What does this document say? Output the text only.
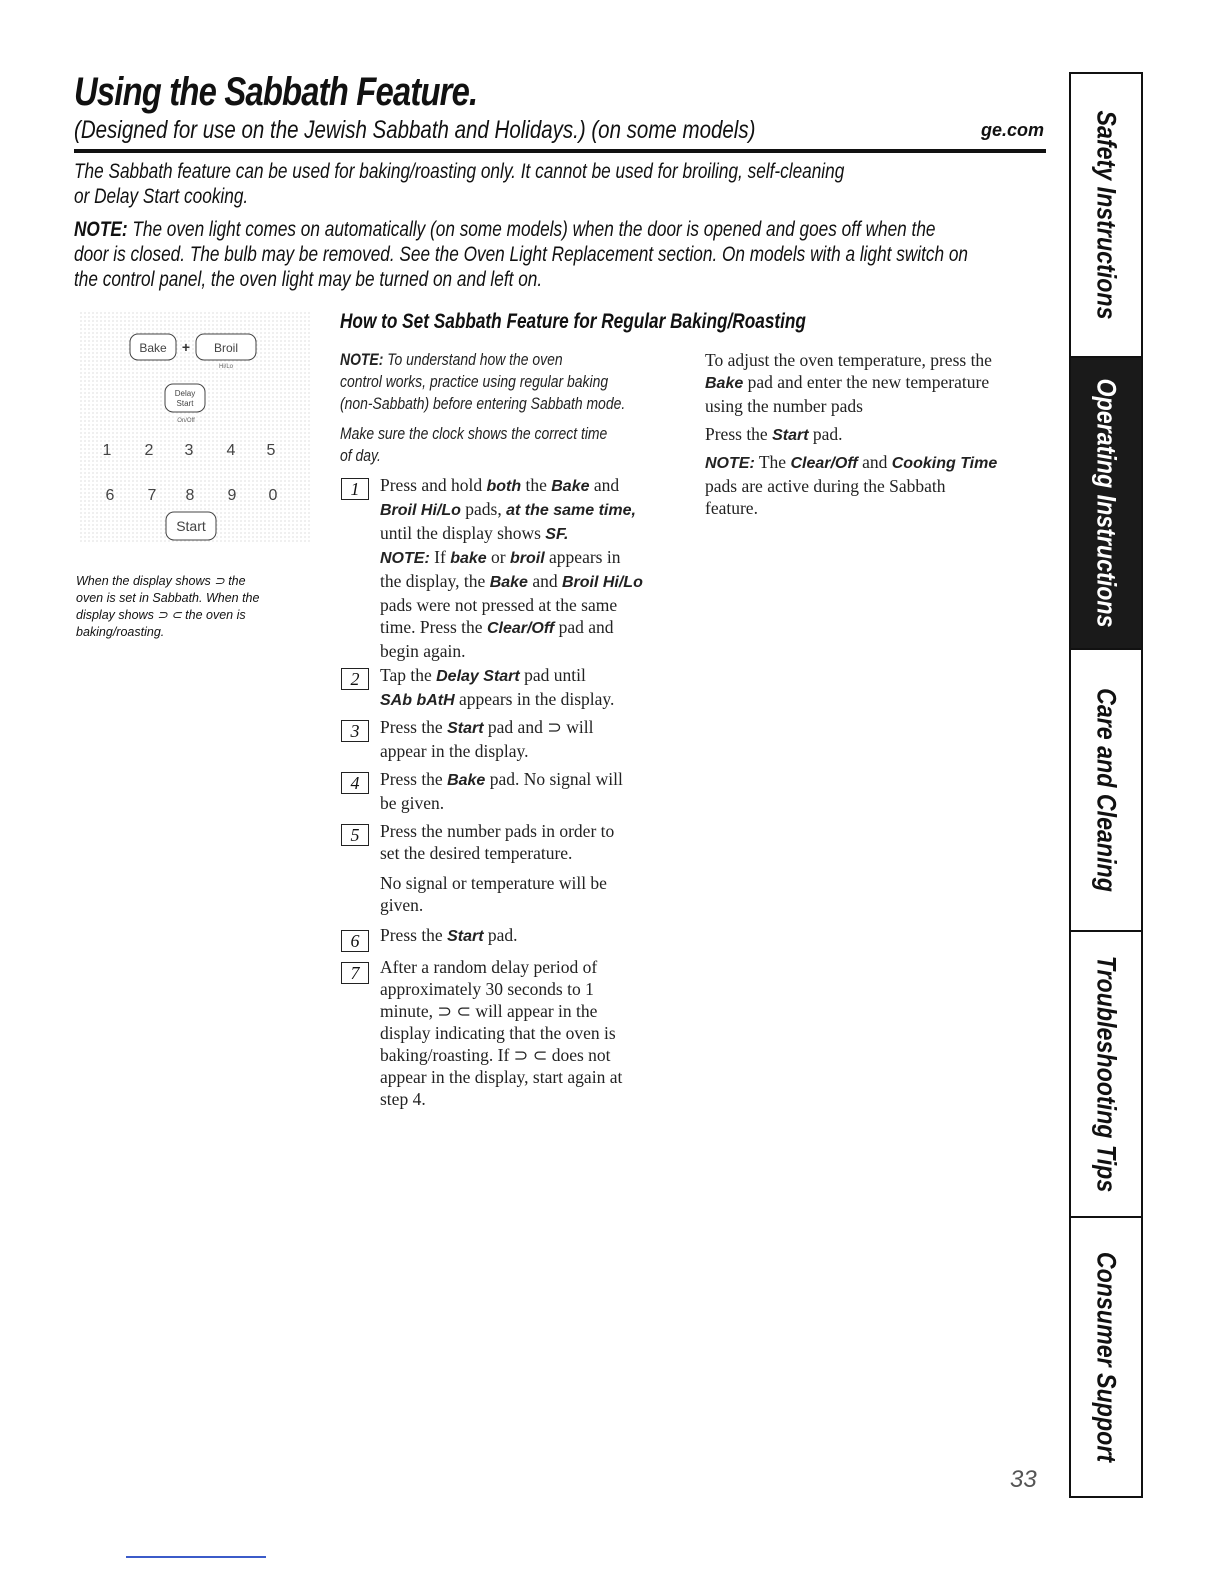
Using the Sabbath Feature.
(Designed for use on the Jewish Sabbath and Holidays.) (on some models)	ge.com
The Sabbath feature can be used for baking/roasting only. It cannot be used for broiling, self-cleaning
or Delay Start cooking.
NOTE: The oven light comes on automatically (on some models) when the door is opened and goes off when the
door is closed. The bulb may be removed. See the Oven Light Replacement section. On models with a light switch on
the control panel, the oven light may be turned on and left on.
Bake + Broil
Hi/Lo
Delay
Start
On/Off
1 2 3 4 5
6 7 8 9 0
Start
When the display shows ⊃ the
oven is set in Sabbath. When the
display shows ⊃ ⊂ the oven is
baking/roasting.
How to Set Sabbath Feature for Regular Baking/Roasting
NOTE: To understand how the oven
control works, practice using regular baking
(non-Sabbath) before entering Sabbath mode.
Make sure the clock shows the correct time
of day.
1	Press and hold both the Bake and
Broil Hi/Lo pads, at the same time,
until the display shows SF.
NOTE: If bake or broil appears in
the display, the Bake and Broil Hi/Lo
pads were not pressed at the same
time. Press the Clear/Off pad and
begin again.
2	Tap the Delay Start pad until
SAb bAtH appears in the display.
3	Press the Start pad and ⊃ will
appear in the display.
4	Press the Bake pad. No signal will
be given.
5	Press the number pads in order to
set the desired temperature.
No signal or temperature will be
given.
6	Press the Start pad.
7	After a random delay period of
approximately 30 seconds to 1
minute, ⊃ ⊂ will appear in the
display indicating that the oven is
baking/roasting. If ⊃ ⊂ does not
appear in the display, start again at
step 4.
To adjust the oven temperature, press the
Bake pad and enter the new temperature
using the number pads
Press the Start pad.
NOTE: The Clear/Off and Cooking Time
pads are active during the Sabbath
feature.
Safety Instructions
Operating Instructions
Care and Cleaning
Troubleshooting Tips
Consumer Support
33
